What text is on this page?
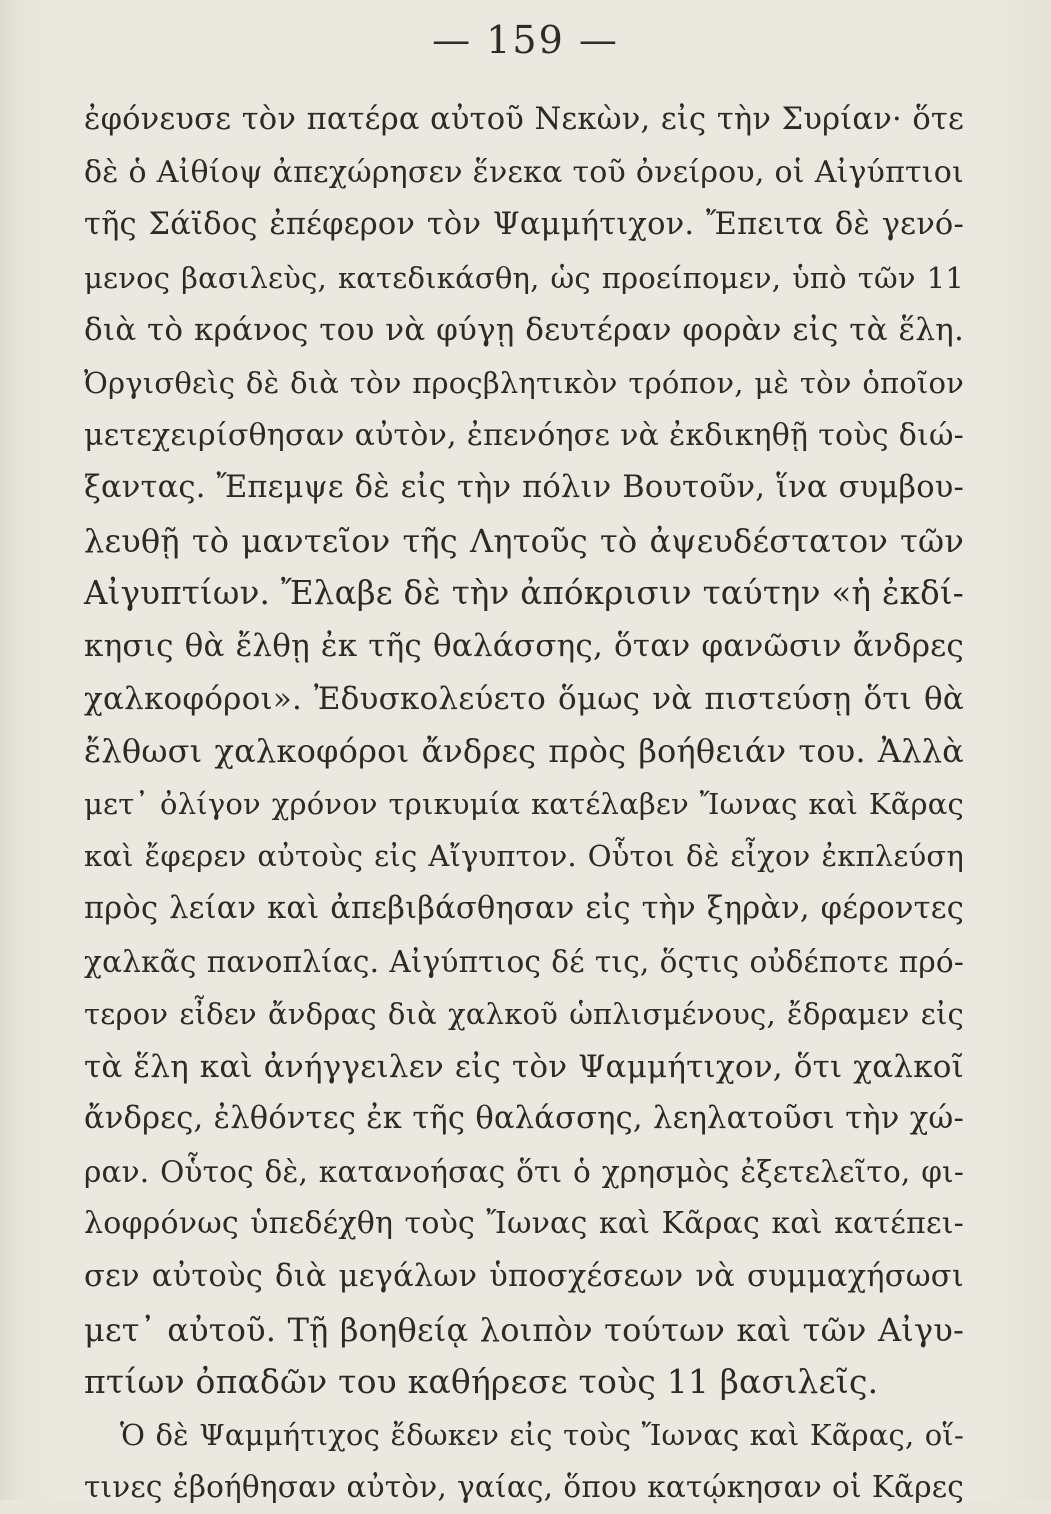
— 159 —
ἐφόνευσε τὸν πατέρα αὐτοῦ Νεκὼν, εἰς τὴν Συρίαν· ὅτε
δὲ ὁ Αἰθίοψ ἀπεχώρησεν ἕνεκα τοῦ ὀνείρου, οἱ Αἰγύπτιοι
τῆς Σάϊδος ἐπέφερον τὸν Ψαμμήτιχον. Ἔπειτα δὲ γενό-
μενος βασιλεὺς, κατεδικάσθη, ὡς προείπομεν, ὑπὸ τῶν 11
διὰ τὸ κράνος του νὰ φύγῃ δευτέραν φορὰν εἰς τὰ ἕλη.
Ὀργισθεὶς δὲ διὰ τὸν προςβλητικὸν τρόπον, μὲ τὸν ὁποῖον
μετεχειρίσθησαν αὐτὸν, ἐπενόησε νὰ ἐκδικηθῇ τοὺς διώ-
ξαντας. Ἔπεμψε δὲ εἰς τὴν πόλιν Βουτοῦν, ἵνα συμβου-
λευθῇ τὸ μαντεῖον τῆς Λητοῦς τὸ ἀψευδέστατον τῶν
Αἰγυπτίων. Ἔλαβε δὲ τὴν ἀπόκρισιν ταύτην «ἡ ἐκδί-
κησις θὰ ἔλθῃ ἐκ τῆς θαλάσσης, ὅταν φανῶσιν ἄνδρες
χαλκοφόροι». Ἐδυσκολεύετο ὅμως νὰ πιστεύσῃ ὅτι θὰ
ἔλθωσι χαλκοφόροι ἄνδρες πρὸς βοήθειάν του. Ἀλλὰ
μετ᾽ ὀλίγον χρόνον τρικυμία κατέλαβεν Ἴωνας καὶ Κᾶρας
καὶ ἔφερεν αὐτοὺς εἰς Αἴγυπτον. Οὗτοι δὲ εἶχον ἐκπλεύση
πρὸς λείαν καὶ ἀπεβιβάσθησαν εἰς τὴν ξηρὰν, φέροντες
χαλκᾶς πανοπλίας. Αἰγύπτιος δέ τις, ὅςτις οὐδέποτε πρό-
τερον εἶδεν ἄνδρας διὰ χαλκοῦ ὡπλισμένους, ἔδραμεν εἰς
τὰ ἕλη καὶ ἀνήγγειλεν εἰς τὸν Ψαμμήτιχον, ὅτι χαλκοῖ
ἄνδρες, ἐλθόντες ἐκ τῆς θαλάσσης, λεηλατοῦσι τὴν χώ-
ραν. Οὗτος δὲ, κατανοήσας ὅτι ὁ χρησμὸς ἐξετελεῖτο, φι-
λοφρόνως ὑπεδέχθη τοὺς Ἴωνας καὶ Κᾶρας καὶ κατέπει-
σεν αὐτοὺς διὰ μεγάλων ὑποσχέσεων νὰ συμμαχήσωσι
μετ᾽ αὐτοῦ. Τῇ βοηθείᾳ λοιπὸν τούτων καὶ τῶν Αἰγυ-
πτίων ὀπαδῶν του καθήρεσε τοὺς 11 βασιλεῖς.
Ὁ δὲ Ψαμμήτιχος ἔδωκεν εἰς τοὺς Ἴωνας καὶ Κᾶρας, οἵ-
τινες ἐβοήθησαν αὐτὸν, γαίας, ὅπου κατῴκησαν οἱ Κᾶρες
